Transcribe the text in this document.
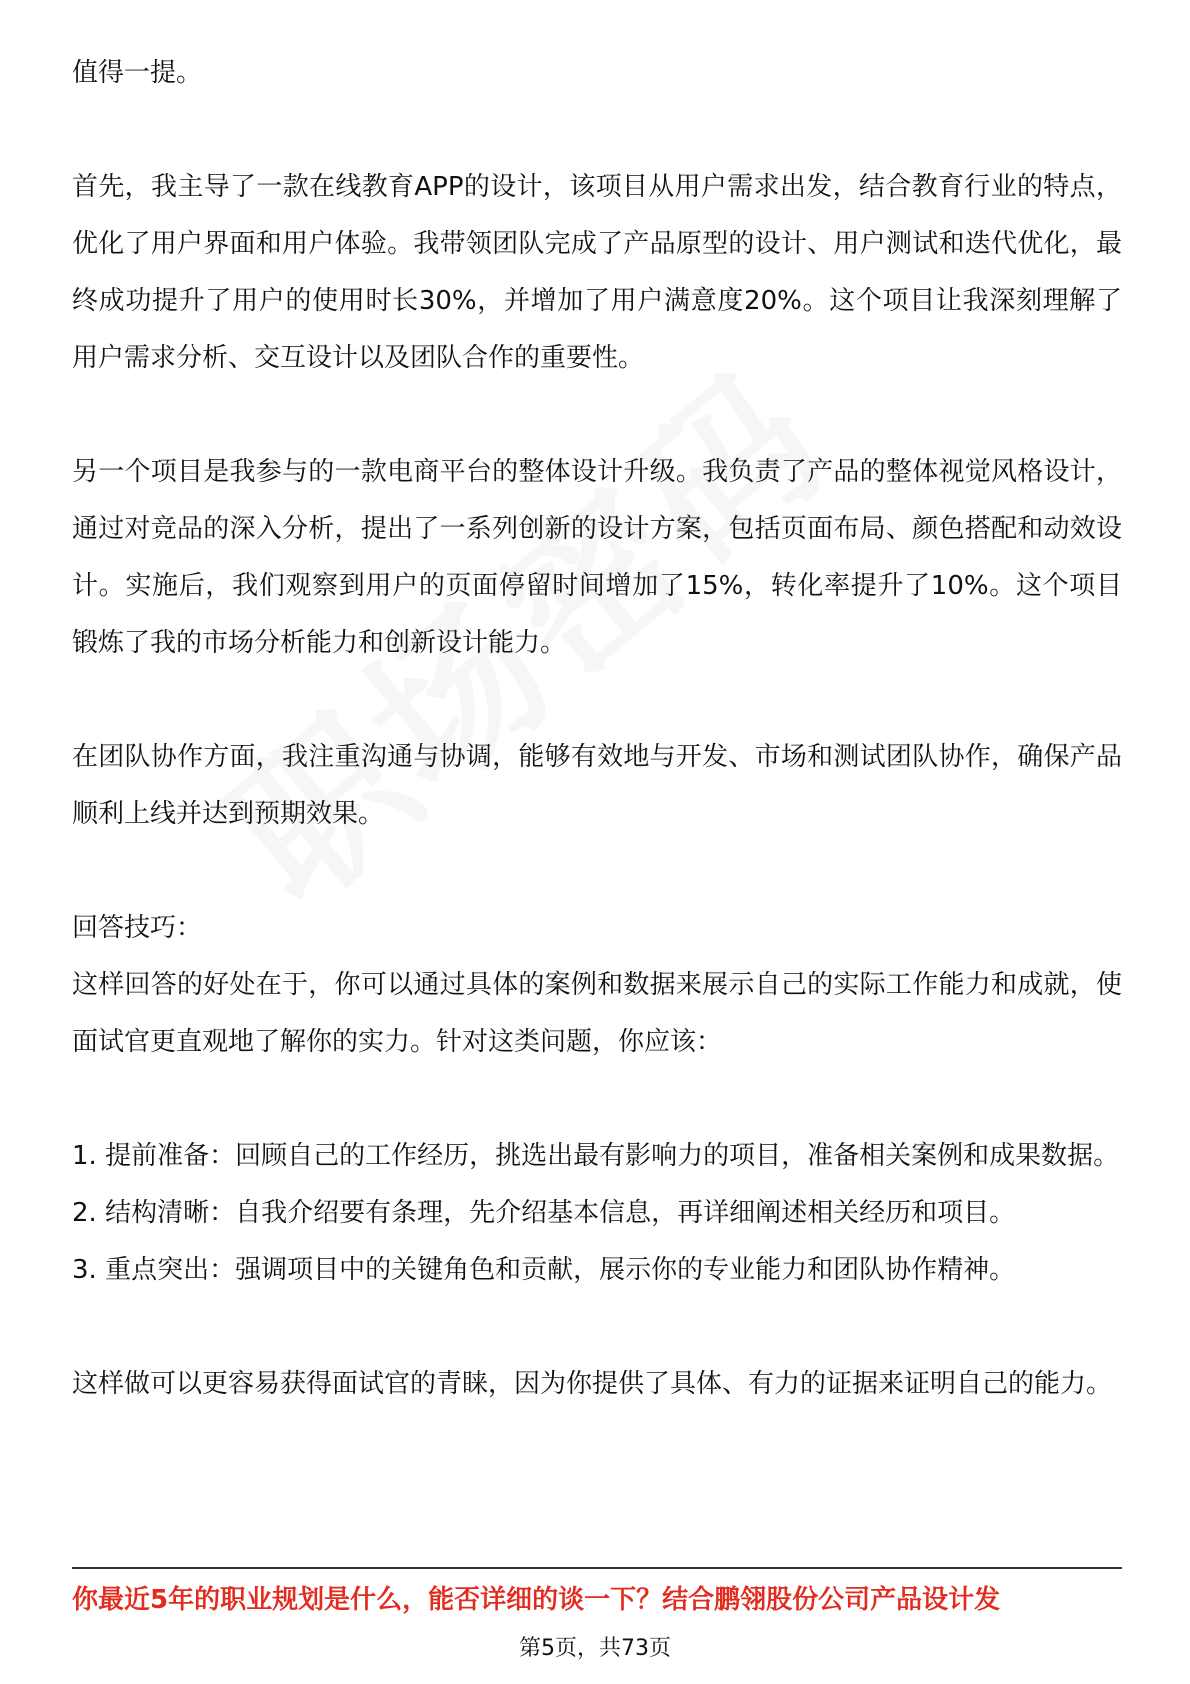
值得一提。

首先，我主导了一款在线教育APP的设计，该项目从用户需求出发，结合教育行业的特点，优化了用户界面和用户体验。我带领团队完成了产品原型的设计、用户测试和迭代优化，最终成功提升了用户的使用时长30%，并增加了用户满意度20%。这个项目让我深刻理解了用户需求分析、交互设计以及团队合作的重要性。

另一个项目是我参与的一款电商平台的整体设计升级。我负责了产品的整体视觉风格设计，通过对竞品的深入分析，提出了一系列创新的设计方案，包括页面布局、颜色搭配和动效设计。实施后，我们观察到用户的页面停留时间增加了15%，转化率提升了10%。这个项目锻炼了我的市场分析能力和创新设计能力。

在团队协作方面，我注重沟通与协调，能够有效地与开发、市场和测试团队协作，确保产品顺利上线并达到预期效果。

回答技巧：

这样回答的好处在于，你可以通过具体的案例和数据来展示自己的实际工作能力和成就，使面试官更直观地了解你的实力。针对这类问题，你应该：

1. 提前准备：回顾自己的工作经历，挑选出最有影响力的项目，准备相关案例和成果数据。

2. 结构清晰：自我介绍要有条理，先介绍基本信息，再详细阐述相关经历和项目。

3. 重点突出：强调项目中的关键角色和贡献，展示你的专业能力和团队协作精神。

这样做可以更容易获得面试官的青睐，因为你提供了具体、有力的证据来证明自己的能力。

你最近5年的职业规划是什么，能否详细的谈一下？结合鹏翎股份公司产品设计发
第5页，共73页
